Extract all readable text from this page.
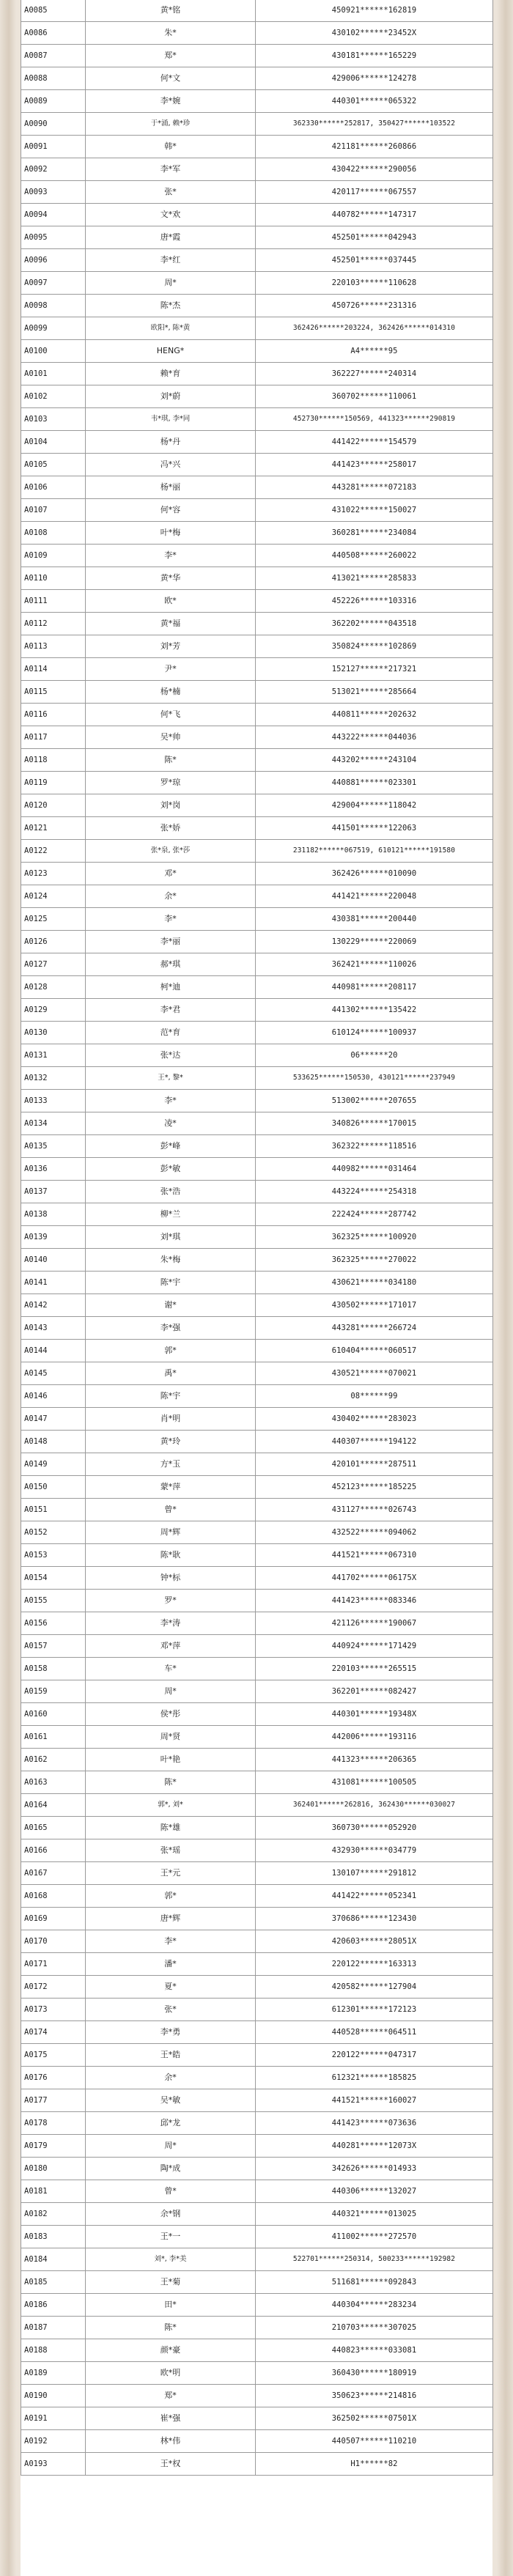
A0085	黄*铭	450921******162819
A0086	朱*	430102******23452X
A0087	郑*	430181******165229
A0088	何*文	429006******124278
A0089	李*婉	440301******065322
A0090	于*涌, 赖*珍	362330******252817, 350427******103522
A0091	韩*	421181******260866
A0092	李*军	430422******290056
A0093	张*	420117******067557
A0094	文*欢	440782******147317
A0095	唐*霞	452501******042943
A0096	李*红	452501******037445
A0097	周*	220103******110628
A0098	陈*杰	450726******231316
A0099	欧阳*, 陈*黄	362426******203224, 362426******014310
A0100	HENG*	A4******95
A0101	赖*育	362227******240314
A0102	刘*蔚	360702******110061
A0103	韦*琪, 李*同	452730******150569, 441323******290819
A0104	杨*丹	441422******154579
A0105	冯*兴	441423******258017
A0106	杨*丽	443281******072183
A0107	何*容	431022******150027
A0108	叶*梅	360281******234084
A0109	李*	440508******260022
A0110	黄*华	413021******285833
A0111	欧*	452226******103316
A0112	黄*福	362202******043518
A0113	刘*芳	350824******102869
A0114	尹*	152127******217321
A0115	杨*楠	513021******285664
A0116	何*飞	440811******202632
A0117	吴*帅	443222******044036
A0118	陈*	443202******243104
A0119	罗*琼	440881******023301
A0120	刘*岗	429004******118042
A0121	张*娇	441501******122063
A0122	张*泉, 张*莎	231182******067519, 610121******191580
A0123	邓*	362426******010090
A0124	余*	441421******220048
A0125	李*	430381******200440
A0126	李*丽	130229******220069
A0127	郝*琪	362421******110026
A0128	柯*迪	440981******208117
A0129	李*君	441302******135422
A0130	范*育	610124******100937
A0131	张*达	06******20
A0132	王*, 黎*	533625******150530, 430121******237949
A0133	李*	513002******207655
A0134	凌*	340826******170015
A0135	彭*峰	362322******118516
A0136	彭*敏	440982******031464
A0137	张*浩	443224******254318
A0138	柳*兰	222424******287742
A0139	刘*琪	362325******100920
A0140	朱*梅	362325******270022
A0141	陈*宇	430621******034180
A0142	谢*	430502******171017
A0143	李*强	443281******266724
A0144	郭*	610404******060517
A0145	禹*	430521******070021
A0146	陈*宇	08******99
A0147	肖*明	430402******283023
A0148	黄*玲	440307******194122
A0149	方*玉	420101******287511
A0150	蒙*萍	452123******185225
A0151	曾*	431127******026743
A0152	周*辉	432522******094062
A0153	陈*耿	441521******067310
A0154	钟*标	441702******06175X
A0155	罗*	441423******083346
A0156	李*涛	421126******190067
A0157	邓*萍	440924******171429
A0158	车*	220103******265515
A0159	周*	362201******082427
A0160	侯*彤	440301******19348X
A0161	周*贤	442006******193116
A0162	叶*艳	441323******206365
A0163	陈*	431081******100505
A0164	郭*, 刘*	362401******262816, 362430******030027
A0165	陈*雄	360730******052920
A0166	张*瑶	432930******034779
A0167	王*元	130107******291812
A0168	郭*	441422******052341
A0169	唐*辉	370686******123430
A0170	李*	420603******28051X
A0171	潘*	220122******163313
A0172	夏*	420582******127904
A0173	张*	612301******172123
A0174	李*勇	440528******064511
A0175	王*皓	220122******047317
A0176	余*	612321******185825
A0177	吴*敏	441521******160027
A0178	邱*龙	441423******073636
A0179	周*	440281******12073X
A0180	陶*成	342626******014933
A0181	曾*	440306******132027
A0182	余*钢	440321******013025
A0183	王*一	411002******272570
A0184	刘*, 李*美	522701******250314, 500233******192982
A0185	王*菊	511681******092843
A0186	田*	440304******283234
A0187	陈*	210703******307025
A0188	颜*豪	440823******033081
A0189	欧*明	360430******180919
A0190	郑*	350623******214816
A0191	崔*强	362502******07501X
A0192	林*伟	440507******110210
A0193	王*权	H1******82
